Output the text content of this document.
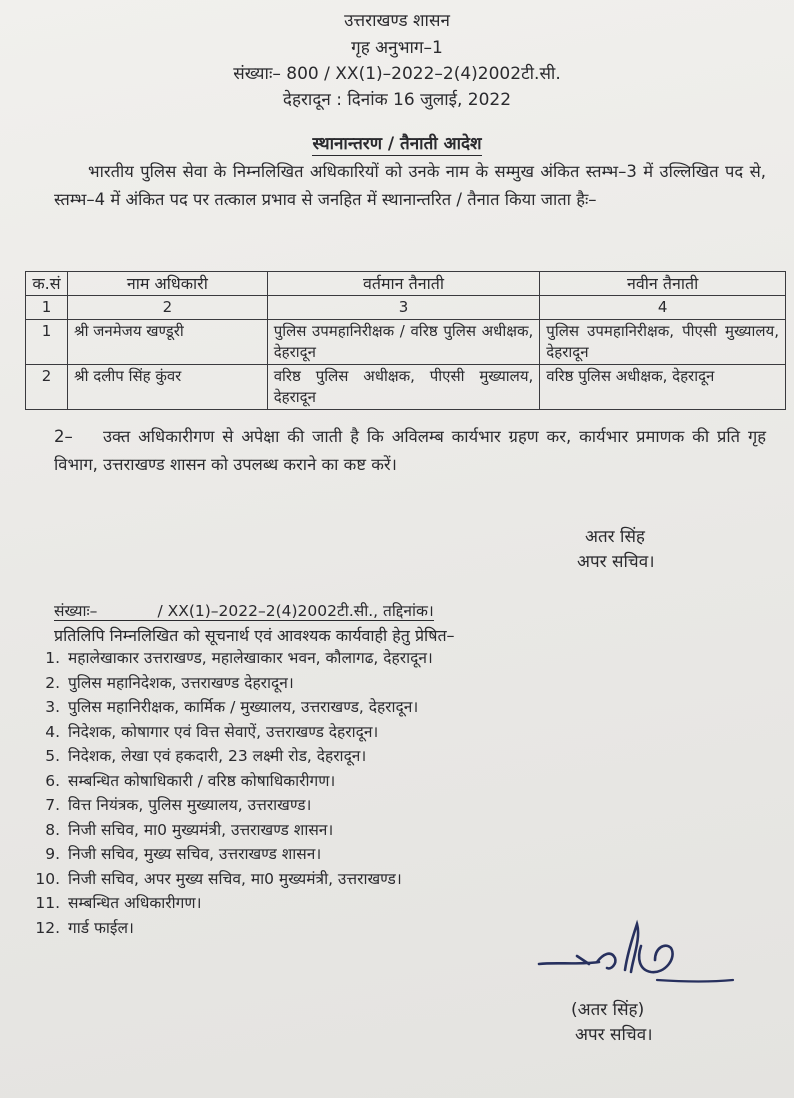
उत्तराखण्ड शासन
गृह अनुभाग–1
संख्याः– 800 / XX(1)–2022–2(4)2002टी.सी.
देहरादून : दिनांक 16 जुलाई, 2022
स्थानान्तरण / तैनाती आदेश
भारतीय पुलिस सेवा के निम्नलिखित अधिकारियों को उनके नाम के सम्मुख अंकित स्तम्भ–3 में उल्लिखित पद से, स्तम्भ–4 में अंकित पद पर तत्काल प्रभाव से जनहित में स्थानान्तरित / तैनात किया जाता हैः–
क.सं	नाम अधिकारी	वर्तमान तैनाती	नवीन तैनाती
1	2	3	4
1	श्री जनमेजय खण्डूरी	पुलिस उपमहानिरीक्षक / वरिष्ठ पुलिस अधीक्षक, देहरादून	पुलिस उपमहानिरीक्षक, पीएसी मुख्यालय, देहरादून
2	श्री दलीप सिंह कुंवर	वरिष्ठ पुलिस अधीक्षक, पीएसी मुख्यालय, देहरादून	वरिष्ठ पुलिस अधीक्षक, देहरादून
2– उक्त अधिकारीगण से अपेक्षा की जाती है कि अविलम्ब कार्यभार ग्रहण कर, कार्यभार प्रमाणक की प्रति गृह विभाग, उत्तराखण्ड शासन को उपलब्ध कराने का कष्ट करें।
अतर सिंह
अपर सचिव।
संख्याः–	/ XX(1)–2022–2(4)2002टी.सी., तद्दिनांक।
प्रतिलिपि निम्नलिखित को सूचनार्थ एवं आवश्यक कार्यवाही हेतु प्रेषित–
1. महालेखाकार उत्तराखण्ड, महालेखाकार भवन, कौलागढ, देहरादून।
2. पुलिस महानिदेशक, उत्तराखण्ड देहरादून।
3. पुलिस महानिरीक्षक, कार्मिक / मुख्यालय, उत्तराखण्ड, देहरादून।
4. निदेशक, कोषागार एवं वित्त सेवाऐं, उत्तराखण्ड देहरादून।
5. निदेशक, लेखा एवं हकदारी, 23 लक्ष्मी रोड, देहरादून।
6. सम्बन्धित कोषाधिकारी / वरिष्ठ कोषाधिकारीगण।
7. वित्त नियंत्रक, पुलिस मुख्यालय, उत्तराखण्ड।
8. निजी सचिव, मा0 मुख्यमंत्री, उत्तराखण्ड शासन।
9. निजी सचिव, मुख्य सचिव, उत्तराखण्ड शासन।
10. निजी सचिव, अपर मुख्य सचिव, मा0 मुख्यमंत्री, उत्तराखण्ड।
11. सम्बन्धित अधिकारीगण।
12. गार्ड फाईल।
(अतर सिंह)
अपर सचिव।
